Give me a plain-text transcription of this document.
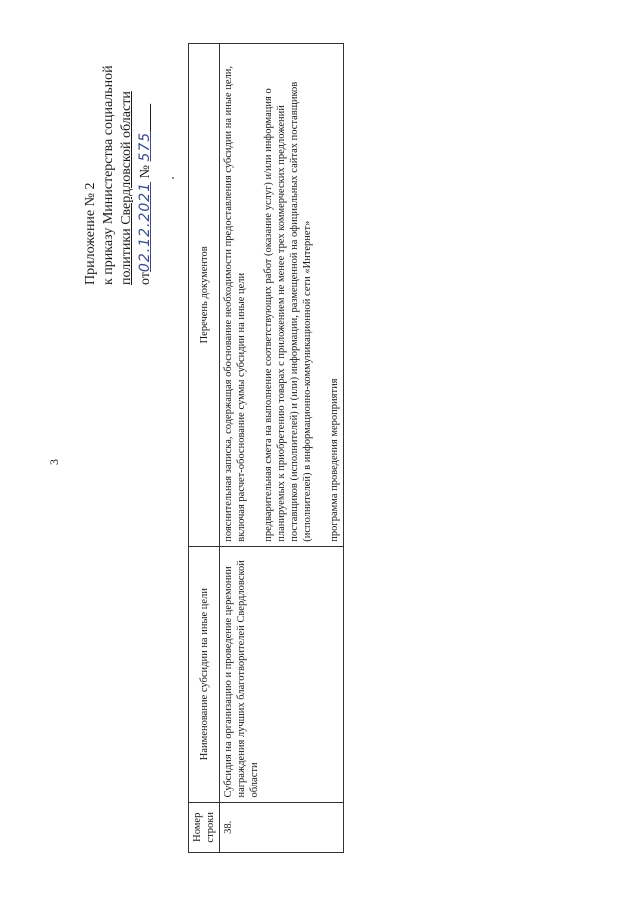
3
Приложение № 2 к приказу Министерства социальной политики Свердловской области от02.12.2021 № 575
Номер строки	Наименование субсидии на иные цели	Перечень документов
38.	Субсидия на организацию и проведение церемонии награждения лучших благотворителей Свердловской области	пояснительная записка, содержащая обоснование необходимости предоставления субсидии на иные цели, включая расчет-обоснование суммы субсидии на иные цели предварительная смета на выполнение соответствующих работ (оказание услуг) и/или информация о планируемых к приобретению товарах с приложением не менее трех коммерческих предложений поставщиков (исполнителей) и (или) информации, размещенной на официальных сайтах поставщиков (исполнителей) в информационно-коммуникационной сети «Интернет» программа проведения мероприятия
